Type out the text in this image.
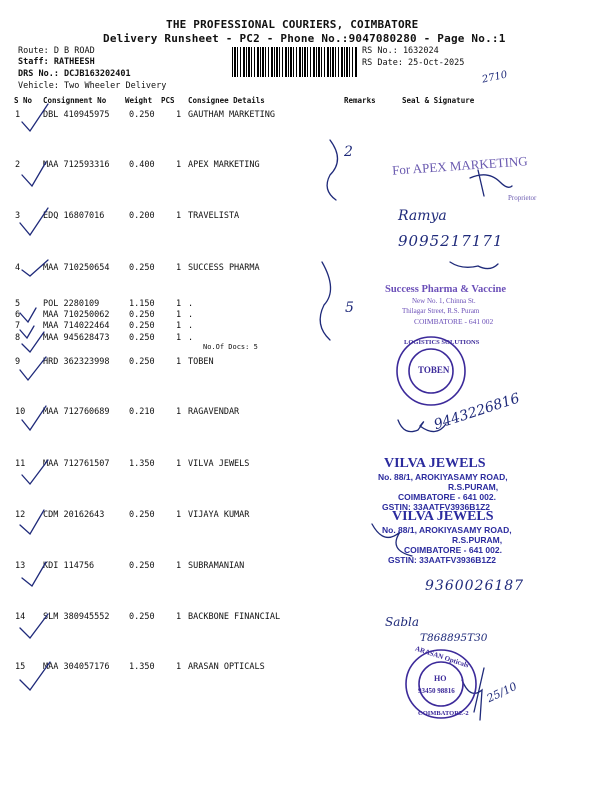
THE PROFESSIONAL COURIERS, COIMBATORE
Delivery Runsheet - PC2 - Phone No.:9047080280 - Page No.:1
Route: D B ROAD
Staff: RATHEESH
DRS No.: DCJB163202401
Vehicle: Two Wheeler Delivery
RS No.: 1632024
RS Date: 25-Oct-2025
2710
S No Consignment No	Weight PCS Consignee Details	Remarks	Seal & Signature
1	DBL 410945975 0.250	1 GAUTHAM MARKETING
2	MAA 712593316 0.400	1 APEX MARKETING
3	EDQ 16807016	0.200	1 TRAVELISTA
4	MAA 710250654 0.250	1 SUCCESS PHARMA
5	POL 2280109	1.150	1 .
6	MAA 710250062 0.250	1 .
7	MAA 714022464 0.250	1 .
8	MAA 945628473 0.250	1 .
No.Of Docs: 5
9	HRD 362323998 0.250	1 TOBEN
10 MAA 712760689 0.210	1 RAGAVENDAR
11 MAA 712761507 1.350	1 VILVA JEWELS
12 CDM 20162643	0.250	1 VIJAYA KUMAR
13 KDI 114756	0.250	1 SUBRAMANIAN
14 SLM 380945552 0.250	1 BACKBONE FINANCIAL
15 MAA 304057176 1.350	1 ARASAN OPTICALS
2
5
For APEX MARKETING
Proprietor
Ramya
9095217171
Success Pharma & Vaccine
New No. 1, Chinna St.
Thilagar Street, R.S. Puram
COIMBATORE - 641 002
LOGISTICS SOLUTIONS
TOBEN
9443226816
VILVA JEWELS
No. 88/1, AROKIYASAMY ROAD,
R.S.PURAM,
COIMBATORE - 641 002.
GSTIN: 33AATFV3936B1Z2
VILVA JEWELS
No. 88/1, AROKIYASAMY ROAD,
R.S.PURAM,
COIMBATORE - 641 002.
GSTIN: 33AATFV3936B1Z2
9360026187
Sabla
T868895T30
ARASAN Opticals
HO
93450 98816
COIMBATORE-2
25/10
